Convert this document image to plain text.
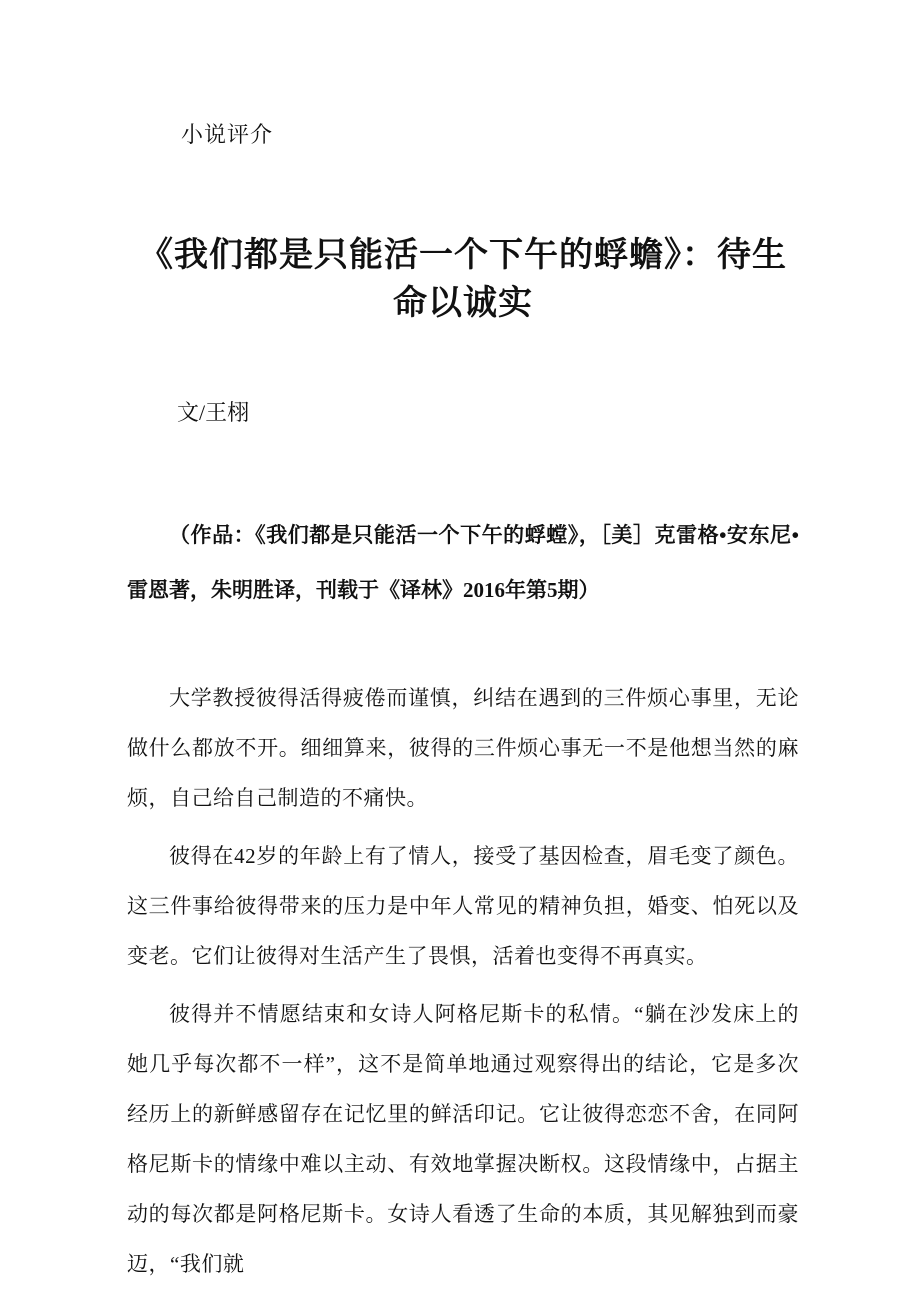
小说评介
《我们都是只能活一个下午的蜉蟾》：待生命以诚实
文/王栩
（作品：《我们都是只能活一个下午的蜉螳》，［美］克雷格•安东尼•雷恩著，朱明胜译，刊载于《译林》2016年第5期）

大学教授彼得活得疲倦而谨慎，纠结在遇到的三件烦心事里，无论做什么都放不开。细细算来，彼得的三件烦心事无一不是他想当然的麻烦，自己给自己制造的不痛快。

彼得在42岁的年龄上有了情人，接受了基因检查，眉毛变了颜色。这三件事给彼得带来的压力是中年人常见的精神负担，婚变、怕死以及变老。它们让彼得对生活产生了畏惧，活着也变得不再真实。

彼得并不情愿结束和女诗人阿格尼斯卡的私情。“躺在沙发床上的她几乎每次都不一样”，这不是简单地通过观察得出的结论，它是多次经历上的新鲜感留存在记忆里的鲜活印记。它让彼得恋恋不舍，在同阿格尼斯卡的情缘中难以主动、有效地掌握决断权。这段情缘中，占据主动的每次都是阿格尼斯卡。女诗人看透了生命的本质，其见解独到而豪迈，“我们就
